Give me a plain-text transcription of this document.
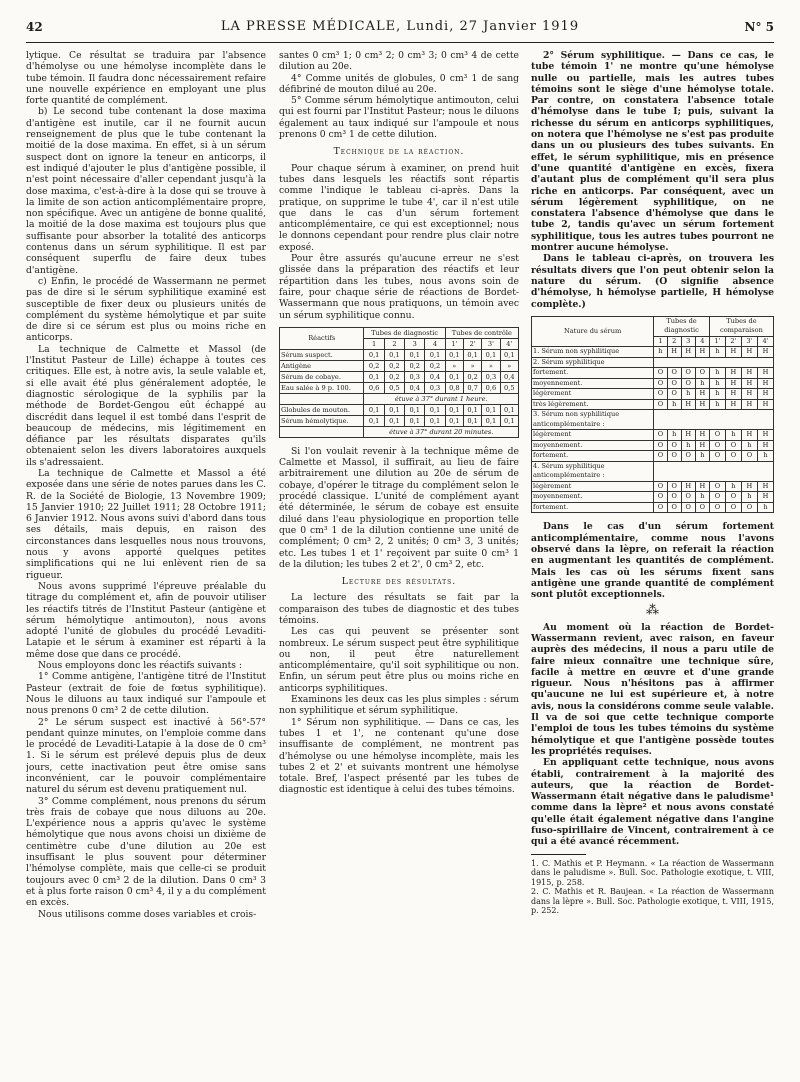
42	LA PRESSE MÉDICALE, Lundi, 27 Janvier 1919	N° 5

lytique. Ce résultat se traduira par l'absence d'hémolyse ou une hémolyse incomplète dans le tube témoin. Il faudra donc nécessairement refaire une nouvelle expérience en employant une plus forte quantité de complément.

b) Le second tube contenant la dose maxima d'antigène est inutile, car il ne fournit aucun renseignement de plus que le tube contenant la moitié de la dose maxima. En effet, si à un sérum suspect dont on ignore la teneur en anticorps, il est indiqué d'ajouter le plus d'antigène possible, il n'est point nécessaire d'aller cependant jusqu'à la dose maxima, c'est-à-dire à la dose qui se trouve à la limite de son action anticomplémentaire propre, non spécifique. Avec un antigène de bonne qualité, la moitié de la dose maxima est toujours plus que suffisante pour absorber la totalité des anticorps contenus dans un sérum syphilitique. Il est par conséquent superflu de faire deux tubes d'antigène.

c) Enfin, le procédé de Wassermann ne permet pas de dire si le sérum syphilitique examiné est susceptible de fixer deux ou plusieurs unités de complément du système hémolytique et par suite de dire si ce sérum est plus ou moins riche en anticorps.

La technique de Calmette et Massol (de l'Institut Pasteur de Lille) échappe à toutes ces critiques. Elle est, à notre avis, la seule valable et, si elle avait été plus généralement adoptée, le diagnostic sérologique de la syphilis par la méthode de Bordet-Gengou eût échappé au discrédit dans lequel il est tombé dans l'esprit de beaucoup de médecins, mis légitimement en défiance par les résultats disparates qu'ils obtenaient selon les divers laboratoires auxquels ils s'adressaient.

La technique de Calmette et Massol a été exposée dans une série de notes parues dans les C. R. de la Société de Biologie, 13 Novembre 1909; 15 Janvier 1910; 22 Juillet 1911; 28 Octobre 1911; 6 Janvier 1912. Nous avons suivi d'abord dans tous ses détails, mais depuis, en raison des circonstances dans lesquelles nous nous trouvons, nous y avons apporté quelques petites simplifications qui ne lui enlèvent rien de sa rigueur.

Nous avons supprimé l'épreuve préalable du titrage du complément et, afin de pouvoir utiliser les réactifs titrés de l'Institut Pasteur (antigène et sérum hémolytique antimouton), nous avons adopté l'unité de globules du procédé Levaditi-Latapie et le sérum à examiner est réparti à la même dose que dans ce procédé.

Nous employons donc les réactifs suivants :

1° Comme antigène, l'antigène titré de l'Institut Pasteur (extrait de foie de fœtus syphilitique). Nous le diluons au taux indiqué sur l'ampoule et nous prenons 0 cm³ 2 de cette dilution.

2° Le sérum suspect est inactivé à 56°-57° pendant quinze minutes, on l'emploie comme dans le procédé de Levaditi-Latapie à la dose de 0 cm³ 1. Si le sérum est prélevé depuis plus de deux jours, cette inactivation peut être omise sans inconvénient, car le pouvoir complémentaire naturel du sérum est devenu pratiquement nul.

3° Comme complément, nous prenons du sérum très frais de cobaye que nous diluons au 20e. L'expérience nous a appris qu'avec le système hémolytique que nous avons choisi un dixième de centimètre cube d'une dilution au 20e est insuffisant le plus souvent pour déterminer l'hémolyse complète, mais que celle-ci se produit toujours avec 0 cm³ 2 de la dilution. Dans 0 cm³ 3 et à plus forte raison 0 cm³ 4, il y a du complément en excès.

Nous utilisons comme doses variables et crois-

santes 0 cm³ 1; 0 cm³ 2; 0 cm³ 3; 0 cm³ 4 de cette dilution au 20e.

4° Comme unités de globules, 0 cm³ 1 de sang défibriné de mouton dilué au 20e.

5° Comme sérum hémolytique antimouton, celui qui est fourni par l'Institut Pasteur; nous le diluons également au taux indiqué sur l'ampoule et nous prenons 0 cm³ 1 de cette dilution.

Technique de la réaction.

Pour chaque sérum à examiner, on prend huit tubes dans lesquels les réactifs sont répartis comme l'indique le tableau ci-après. Dans la pratique, on supprime le tube 4', car il n'est utile que dans le cas d'un sérum fortement anticomplémentaire, ce qui est exceptionnel; nous le donnons cependant pour rendre plus clair notre exposé.

Pour être assurés qu'aucune erreur ne s'est glissée dans la préparation des réactifs et leur répartition dans les tubes, nous avons soin de faire, pour chaque série de réactions de Bordet-Wassermann que nous pratiquons, un témoin avec un sérum syphilitique connu.

Réactifs	Tubes de diagnostic				Tubes de contrôle			
	1	2	3	4	1'	2'	3'	4'
Sérum suspect.	0,1	0,1	0,1	0,1	0,1	0,1	0,1	0,1
Antigène	0,2	0,2	0,2	0,2	»	»	»	»
Sérum de cobaye.	0,1	0,2	0,3	0,4	0,1	0,2	0,3	0,4
Eau salée à 9 p. 100.	0,6	0,5	0,4	0,3	0,8	0,7	0,6	0,5
	étuve à 37° durant 1 heure.							
Globules de mouton.	0,1	0,1	0,1	0,1	0,1	0,1	0,1	0,1
Sérum hémolytique.	0,1	0,1	0,1	0,1	0,1	0,1	0,1	0,1
	étuve à 37° durant 20 minutes.							

Si l'on voulait revenir à la technique même de Calmette et Massol, il suffirait, au lieu de faire arbitrairement une dilution au 20e de sérum de cobaye, d'opérer le titrage du complément selon le procédé classique. L'unité de complément ayant été déterminée, le sérum de cobaye est ensuite dilué dans l'eau physiologique en proportion telle que 0 cm³ 1 de la dilution contienne une unité de complément; 0 cm³ 2, 2 unités; 0 cm³ 3, 3 unités; etc. Les tubes 1 et 1' reçoivent par suite 0 cm³ 1 de la dilution; les tubes 2 et 2', 0 cm³ 2, etc.

Lecture des résultats.

La lecture des résultats se fait par la comparaison des tubes de diagnostic et des tubes témoins.

Les cas qui peuvent se présenter sont nombreux. Le sérum suspect peut être syphilitique ou non, il peut être naturellement anticomplémentaire, qu'il soit syphilitique ou non. Enfin, un sérum peut être plus ou moins riche en anticorps syphilitiques.

Examinons les deux cas les plus simples : sérum non syphilitique et sérum syphilitique.

1° Sérum non syphilitique. — Dans ce cas, les tubes 1 et 1', ne contenant qu'une dose insuffisante de complément, ne montrent pas d'hémolyse ou une hémolyse incomplète, mais les tubes 2 et 2' et suivants montrent une hémolyse totale. Bref, l'aspect présenté par les tubes de diagnostic est identique à celui des tubes témoins.

2° Sérum syphilitique. — Dans ce cas, le tube témoin 1' ne montre qu'une hémolyse nulle ou partielle, mais les autres tubes témoins sont le siège d'une hémolyse totale. Par contre, on constatera l'absence totale d'hémolyse dans le tube I; puis, suivant la richesse du sérum en anticorps syphilitiques, on notera que l'hémolyse ne s'est pas produite dans un ou plusieurs des tubes suivants. En effet, le sérum syphilitique, mis en présence d'une quantité d'antigène en excès, fixera d'autant plus de complément qu'il sera plus riche en anticorps. Par conséquent, avec un sérum légèrement syphilitique, on ne constatera l'absence d'hémolyse que dans le tube 2, tandis qu'avec un sérum fortement syphilitique, tous les autres tubes pourront ne montrer aucune hémolyse.

Dans le tableau ci-après, on trouvera les résultats divers que l'on peut obtenir selon la nature du sérum. (O signifie absence d'hémolyse, h hémolyse partielle, H hémolyse complète.)

Nature du sérum	Tubes de diagnostic				Tubes de comparaison			
	1	2	3	4	1'	2'	3'	4'
1. Sérum non syphilitique	h	H	H	H	h	H	H	H
2. Sérum syphilitique								
fortement.	O	O	O	O	h	H	H	H
moyennement.	O	O	O	h	h	H	H	H
légèrement	O	O	h	H	h	H	H	H
très légèrement.	O	h	H	H	h	H	H	H
3. Sérum non syphilitique anticomplémentaire :								
légèrement	O	h	H	H	O	h	H	H
moyennement.	O	O	h	H	O	O	h	H
fortement.	O	O	O	h	O	O	O	h
4. Sérum syphilitique anticomplémentaire :								
légèrement	O	O	H	H	O	h	H	H
moyennement.	O	O	O	h	O	O	h	H
fortement.	O	O	O	O	O	O	O	h

Dans le cas d'un sérum fortement anticomplémentaire, comme nous l'avons observé dans la lèpre, on referait la réaction en augmentant les quantités de complément. Mais les cas où les sérums fixent sans antigène une grande quantité de complément sont plutôt exceptionnels.

⁂

Au moment où la réaction de Bordet-Wassermann revient, avec raison, en faveur auprès des médecins, il nous a paru utile de faire mieux connaître une technique sûre, facile à mettre en œuvre et d'une grande rigueur. Nous n'hésitons pas à affirmer qu'aucune ne lui est supérieure et, à notre avis, nous la considérons comme seule valable. Il va de soi que cette technique comporte l'emploi de tous les tubes témoins du système hémolytique et que l'antigène possède toutes les propriétés requises.

En appliquant cette technique, nous avons établi, contrairement à la majorité des auteurs, que la réaction de Bordet-Wassermann était négative dans le paludisme¹ comme dans la lèpre² et nous avons constaté qu'elle était également négative dans l'angine fuso-spirillaire de Vincent, contrairement à ce qui a été avancé récemment.

1. C. Mathis et P. Heymann. « La réaction de Wassermann dans le paludisme ». Bull. Soc. Pathologie exotique, t. VIII, 1915, p. 258.

2. C. Mathis et R. Baujean. « La réaction de Wassermann dans la lèpre ». Bull. Soc. Pathologie exotique, t. VIII, 1915, p. 252.
